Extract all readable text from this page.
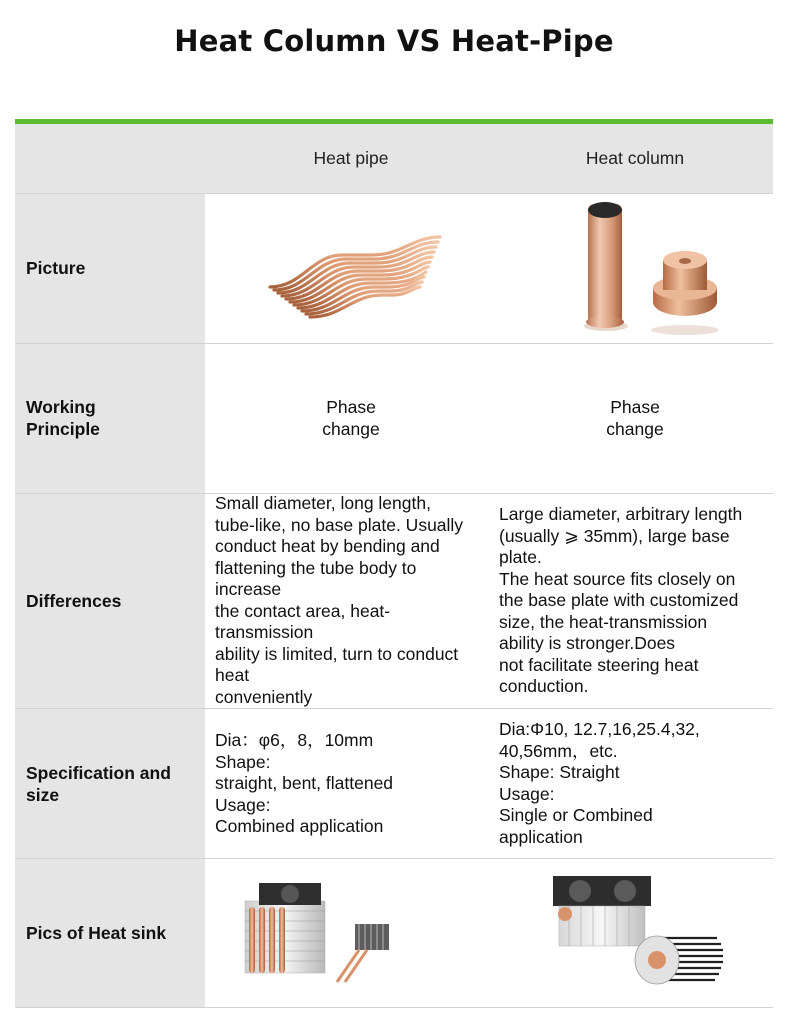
Heat Column VS Heat-Pipe
Heat pipe	Heat column
Picture
Working
Principle
Phase
change
Phase
change
Differences
Small diameter, long length,
tube-like, no base plate. Usually
conduct heat by bending and
flattening the tube body to
increase
the contact area, heat-
transmission
ability is limited, turn to conduct
heat
conveniently
Large diameter, arbitrary length
(usually ⩾ 35mm), large base
plate.
The heat source fits closely on
the base plate with customized
size, the heat-transmission
ability is stronger.Does
not facilitate steering heat
conduction.
Specification and
size
Dia：φ6，8，10mm
Shape:
straight, bent, flattened
Usage:
Combined application
Dia:Φ10, 12.7,16,25.4,32,
40,56mm，etc.
Shape: Straight
Usage:
Single or Combined
application
Pics of Heat sink
